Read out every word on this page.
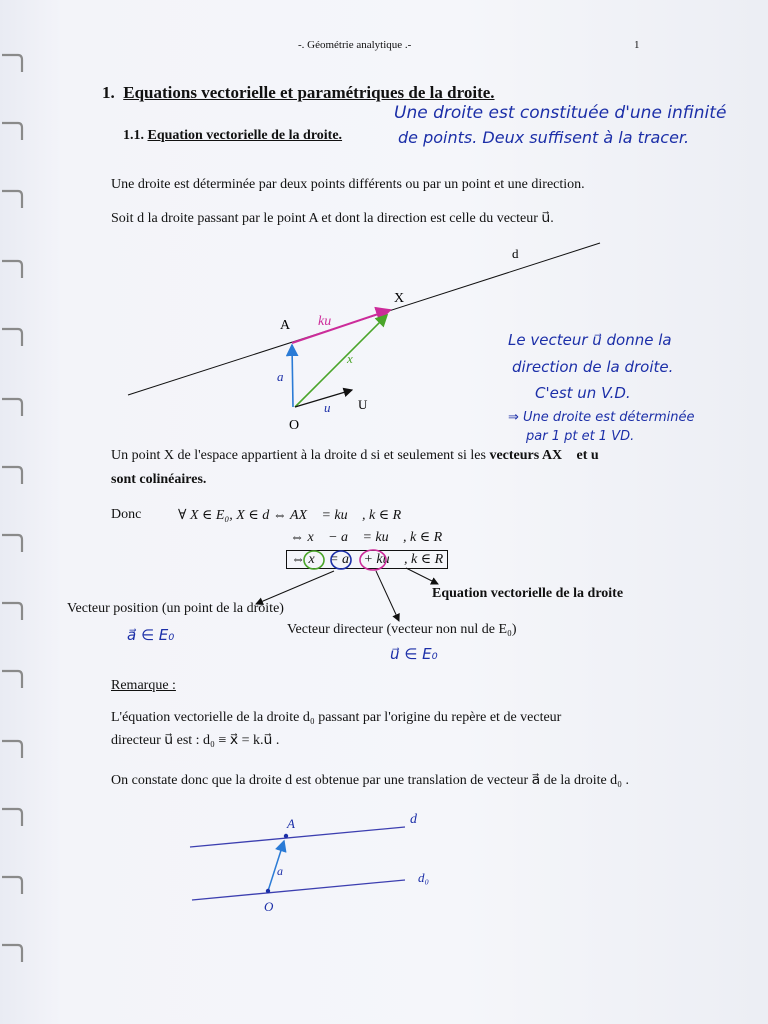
-. Géométrie analytique .-	1
1. Equations vectorielle et paramétriques de la droite.
Une droite est constituée d'une infinité
de points. Deux suffisent à la tracer.
1.1. Equation vectorielle de la droite.
Une droite est déterminée par deux points différents ou par un point et une direction.
Soit d la droite passant par le point A et dont la direction est celle du vecteur u⃗.
d
X
A
O
U
ku⃗
x⃗
a⃗
u⃗
Le vecteur u⃗ donne la
direction de la droite.
C'est un V.D.
⇒ Une droite est déterminée
par 1 pt et 1 VD.
Un point X de l'espace appartient à la droite d si et seulement si les vecteurs AX⃗ et u⃗
sont colinéaires.
Donc	∀ X ∈ E₀, X ∈ d ⇔ AX⃗ = ku⃗ , k ∈ R
⇔ x⃗ − a⃗ = ku⃗ , k ∈ R
⇔ x⃗ = a⃗ + ku⃗ , k ∈ R
Equation vectorielle de la droite
Vecteur position (un point de la droite)
a⃗ ∈ E₀	Vecteur directeur (vecteur non nul de E₀)
u⃗ ∈ E₀
Remarque :
L'équation vectorielle de la droite d₀ passant par l'origine du repère et de vecteur
directeur u⃗ est : d₀ ≡ x⃗ = k.u⃗ .
On constate donc que la droite d est obtenue par une translation de vecteur a⃗ de la droite d₀ .
A
O
d
d₀
a⃗
